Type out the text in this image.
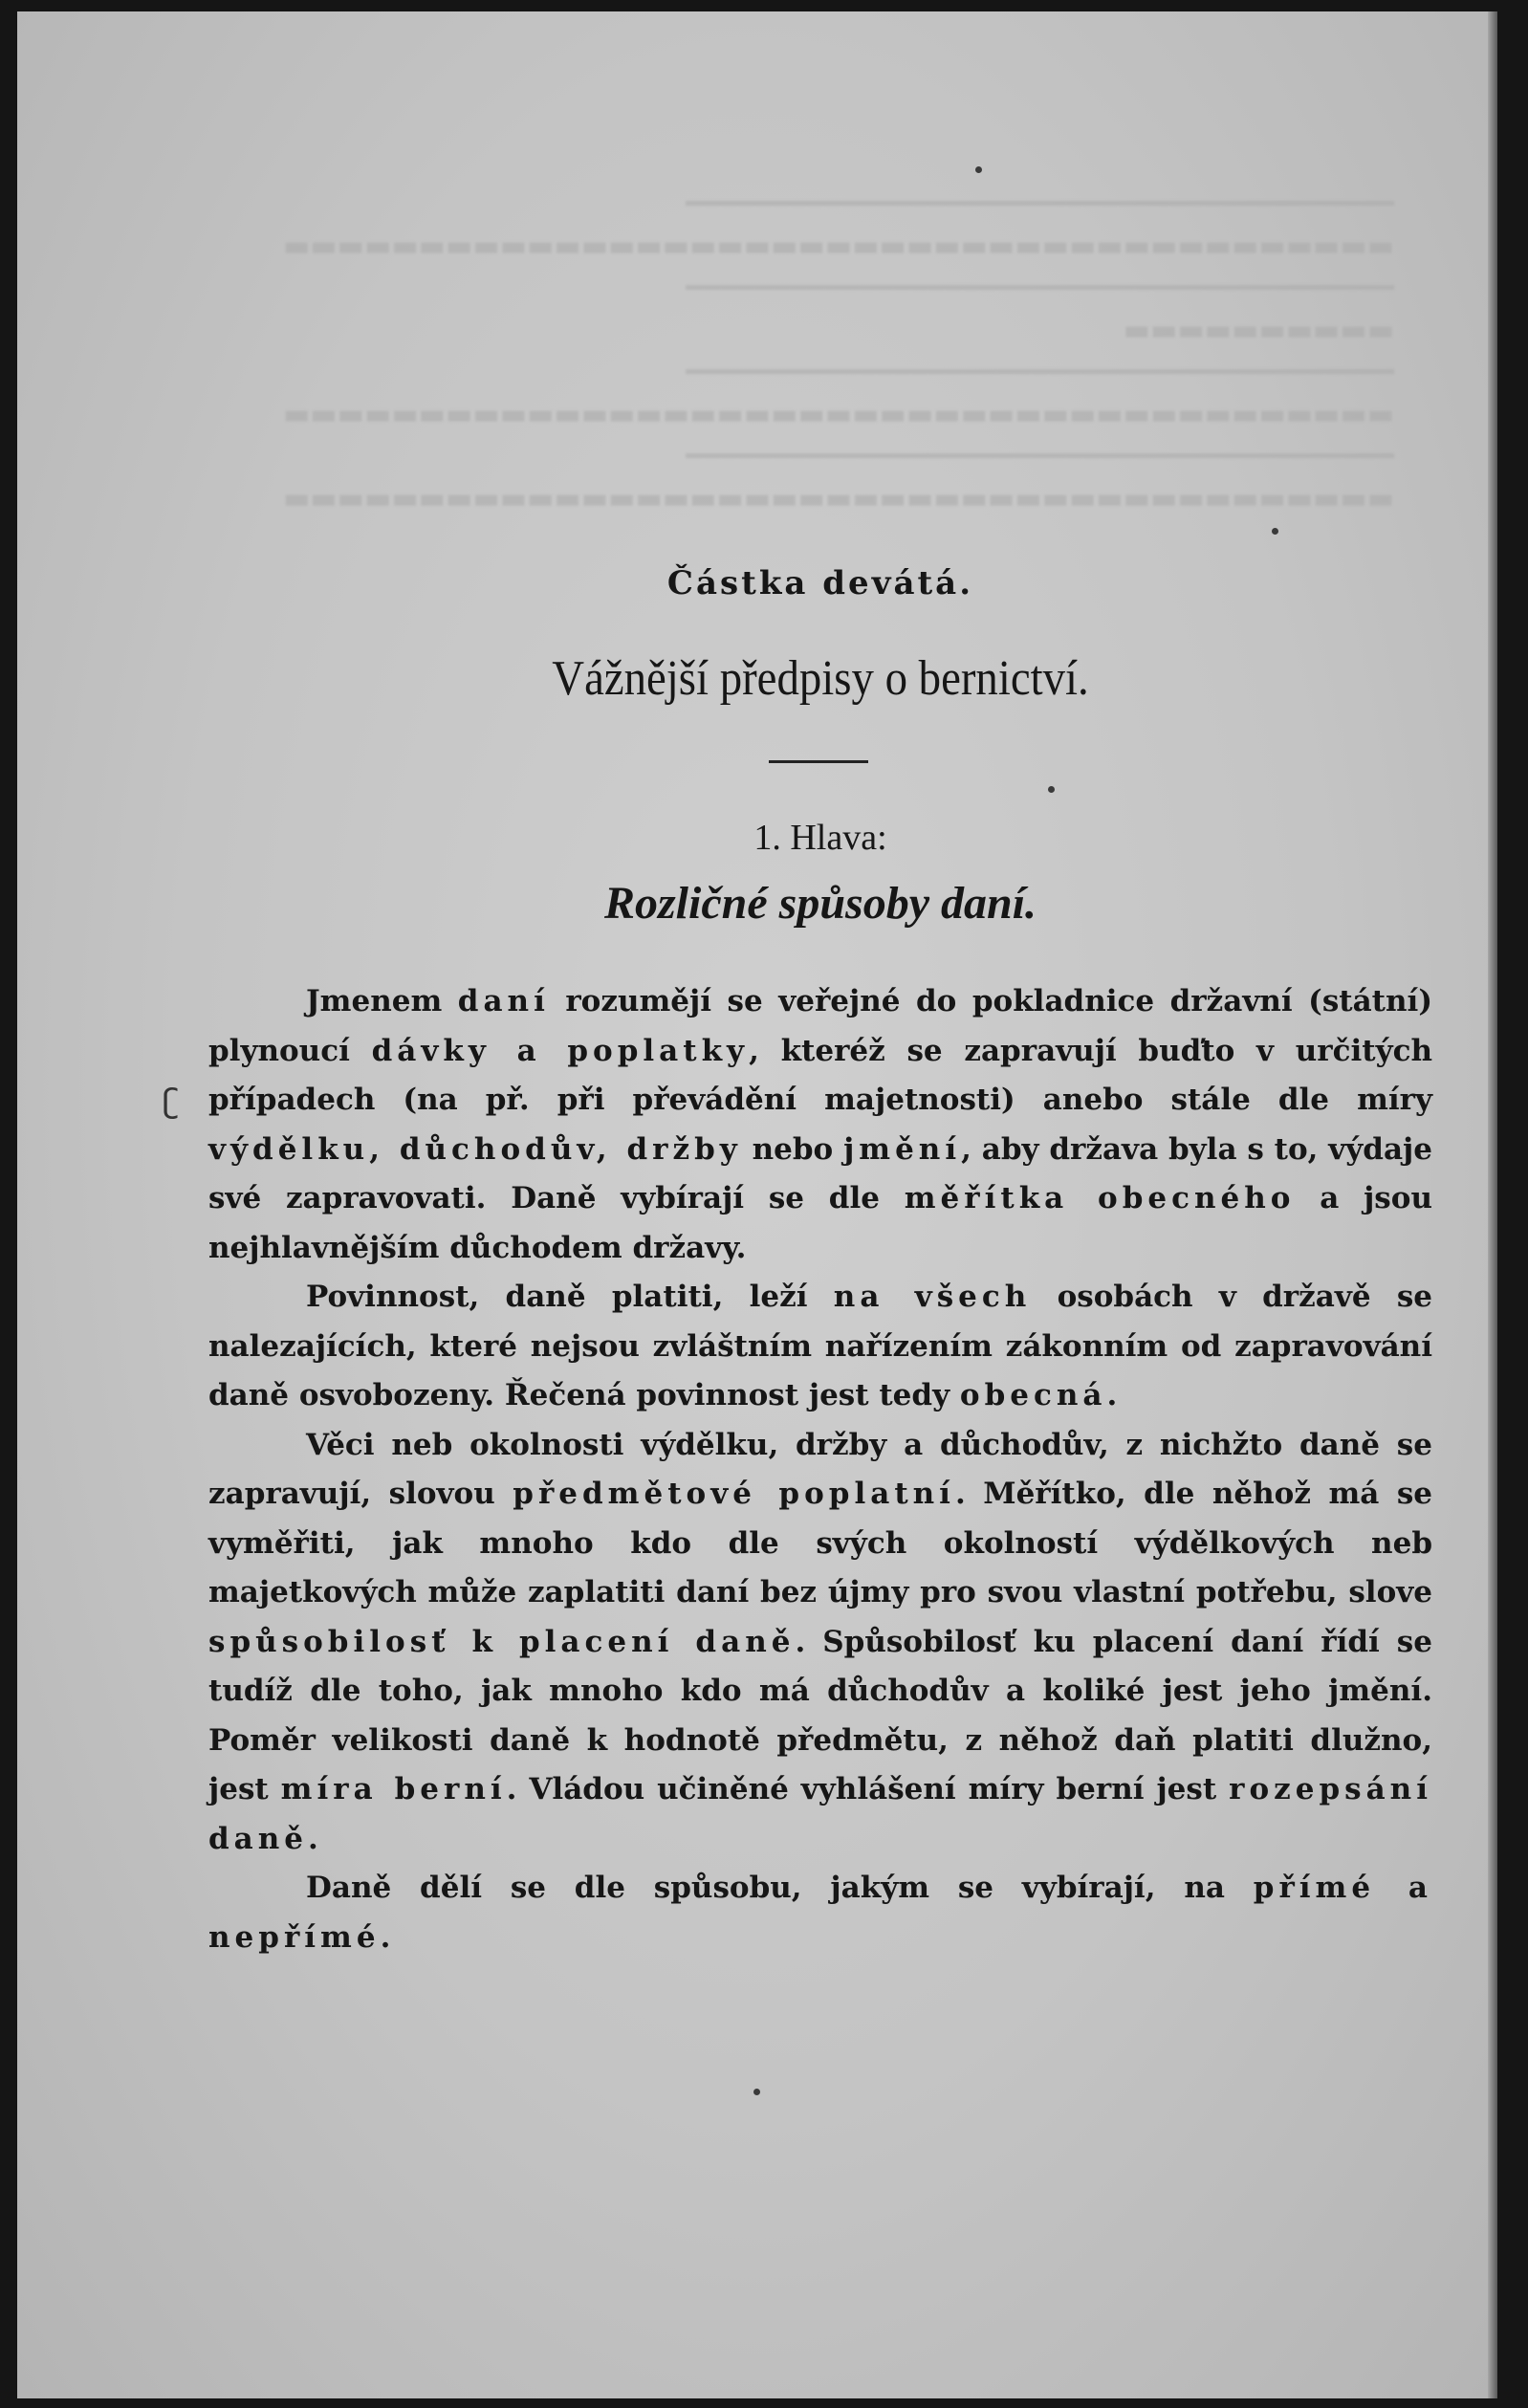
━━━━━━━━━━━━━━━━━━━━━━━━━━━━━━━━━━━━━━━━━

▬▬▬▬▬▬▬▬▬▬▬▬▬▬▬▬▬▬▬▬▬▬▬▬▬▬▬▬▬▬▬▬▬▬▬▬▬▬▬▬▬

━━━━━━━━━━━━━━━━━━━━━━━━━━━━━━━━━━━━━━━━━

▬▬▬▬▬▬▬▬▬▬

━━━━━━━━━━━━━━━━━━━━━━━━━━━━━━━━━━━━━━━━━

▬▬▬▬▬▬▬▬▬▬▬▬▬▬▬▬▬▬▬▬▬▬▬▬▬▬▬▬▬▬▬▬▬▬▬▬▬▬▬▬▬

━━━━━━━━━━━━━━━━━━━━━━━━━━━━━━━━━━━━━━━━━

▬▬▬▬▬▬▬▬▬▬▬▬▬▬▬▬▬▬▬▬▬▬▬▬▬▬▬▬▬▬▬▬▬▬▬▬▬▬▬▬▬

Částka devátá.
Vážnější předpisy o bernictví.
1. Hlava:
Rozličné spůsoby daní.

Jmenem daní rozumějí se veřejné do pokladnice državní (státní) plynoucí dávky a poplatky, kteréž se zapravují buďto v určitých případech (na př. při převádění majetnosti) anebo stále dle míry výdělku, důchodův, držby nebo jmění, aby država byla s to, výdaje své zapravovati. Daně vybírají se dle měřítka obecného a jsou nejhlavnějším důchodem državy.

Povinnost, daně platiti, leží na všech osobách v državě se nalezajících, které nejsou zvláštním nařízením zákonním od zapravování daně osvobozeny. Řečená povinnost jest tedy obecná.

Věci neb okolnosti výdělku, držby a důchodův, z nichžto daně se zapravují, slovou předmětové poplatní. Měřítko, dle něhož má se vyměřiti, jak mnoho kdo dle svých okolností výdělkových neb majetkových může zaplatiti daní bez újmy pro svou vlastní potřebu, slove spůsobilosť k placení daně. Spůsobilosť ku placení daní řídí se tudíž dle toho, jak mnoho kdo má důchodův a koliké jest jeho jmění. Poměr velikosti daně k hodnotě předmětu, z něhož daň platiti dlužno, jest míra berní. Vládou učiněné vyhlášení míry berní jest rozepsání daně.

Daně dělí se dle spůsobu, jakým se vybírají, na přímé a nepřímé.

ʗ
